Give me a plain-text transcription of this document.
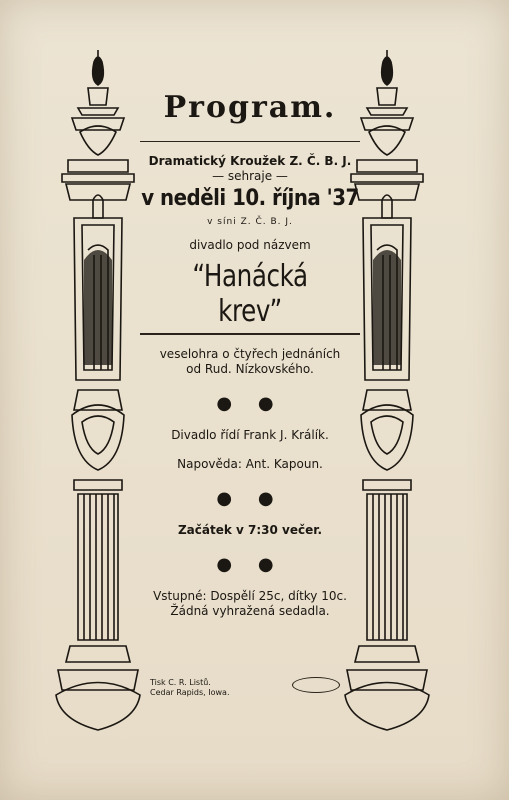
Program.

Dramatický Kroužek Z. Č. B. J.

— sehraje —

v neděli 10. října '37

v síni Z. Č. B. J.

divadlo pod názvem

“Hanácká krev”

veselohra o čtyřech jednáních

od Rud. Nízkovského.

● ●

Divadlo řídí Frank J. Králík.

Napověda: Ant. Kapoun.

● ●

Začátek v 7:30 večer.

● ●

Vstupné: Dospělí 25c, dítky 10c.

Žádná vyhražená sedadla.

Tisk C. R. Listů.
Cedar Rapids, Iowa.
